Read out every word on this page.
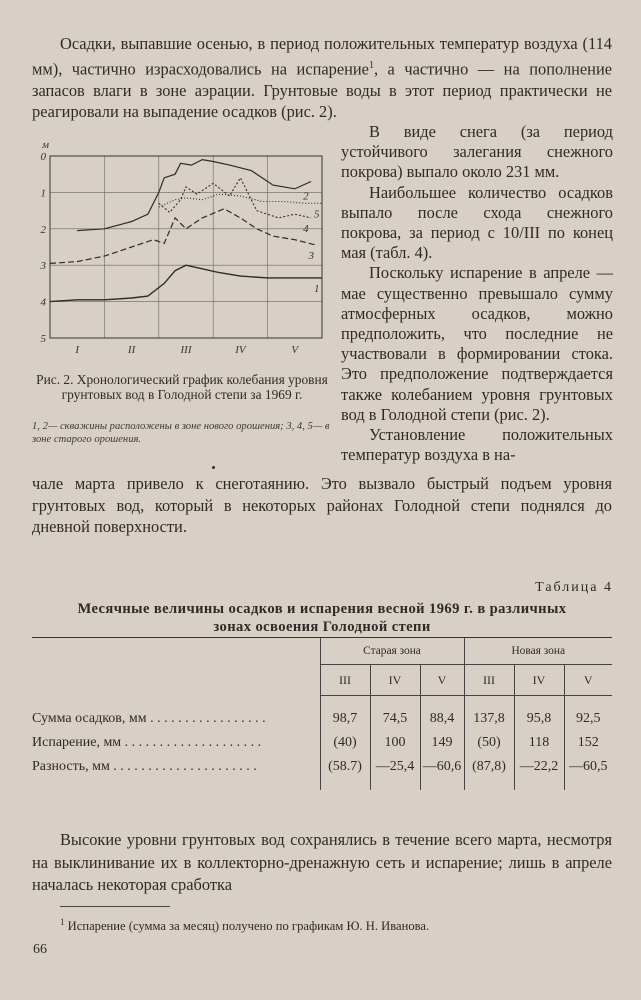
Осадки, выпавшие осенью, в период положительных температур воздуха (114 мм), частично израсходовались на испарение$^1$, а частично — на пополнение запасов влаги в зоне аэрации. Грунтовые воды в этот период практически не реагировали на выпадение осадков (рис. 2).

0
1
2
3
4
5
м
I	II	III	IV	V
1
2
3
4
5
Рис. 2. Хронологический график колебания уровня грунтовых вод в Голодной степи за 1969 г.
1, 2— скважины расположены в зоне нового орошения; 3, 4, 5— в зоне старого орошения.

В виде снега (за период устойчивого залегания снежного покрова) выпало около 231 мм.

Наибольшее количество осадков выпало после схода снежного покрова, за период с 10/III по конец мая (табл. 4).

Поскольку испарение в апреле — мае существенно превышало сумму атмосферных осадков, можно предположить, что последние не участвовали в формировании стока. Это предположение подтверждается также колебанием уровня грунтовых вод в Голодной степи (рис. 2).

Установление положительных температур воздуха в на-

чале марта привело к снеготаянию. Это вызвало быстрый подъем уровня грунтовых вод, который в некоторых районах Голодной степи поднялся до дневной поверхности.

Таблица 4
Месячные величины осадков и испарения весной 1969 г. в различных
зонах освоения Голодной степи
	Старая зона			Новая зона		
	III	IV	V	III	IV	V

Сумма осадков, мм . . . . . . . . . . . . . . . . .	98,7	74,5	88,4	137,8	95,8	92,5
Испарение, мм . . . . . . . . . . . . . . . . . . . .	(40)	100	149	(50)	118	152
Разность, мм . . . . . . . . . . . . . . . . . . . . .	(58.7)	—25,4	—60,6	(87,8)	—22,2	—60,5

Высокие уровни грунтовых вод сохранялись в течение всего марта, несмотря на выклинивание их в коллекторно-дренажную сеть и испарение; лишь в апреле началась некоторая сработка

$^1$ Испарение (сумма за месяц) получено по графикам Ю. Н. Иванова.
66
